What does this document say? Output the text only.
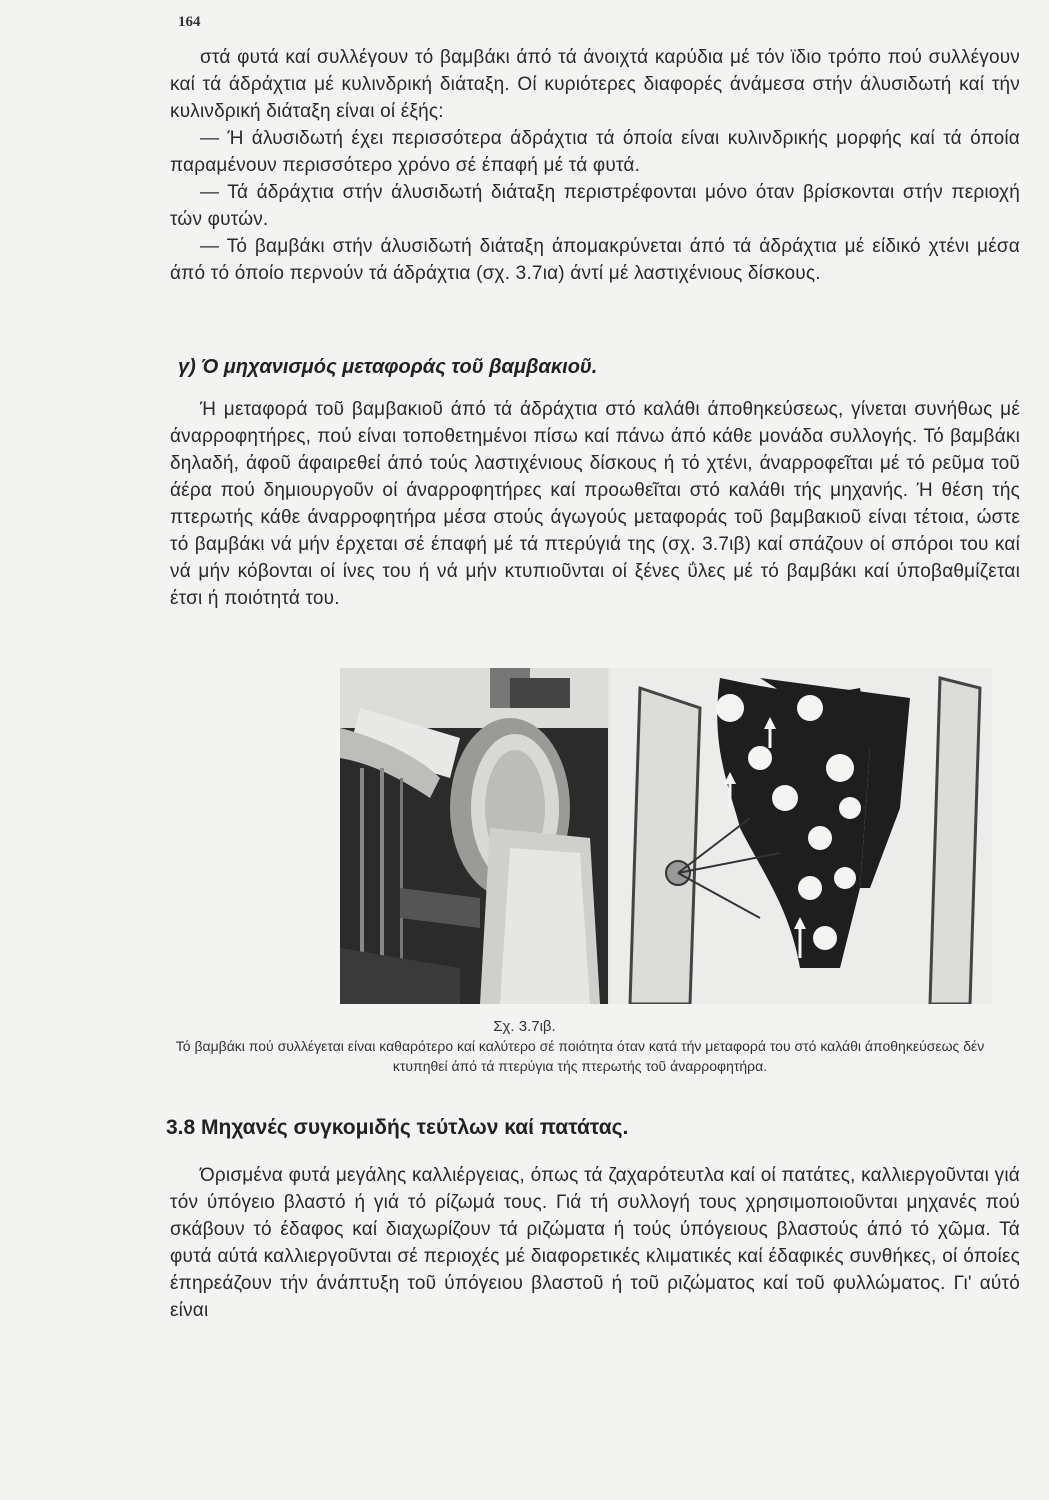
164

στά φυτά καί συλλέγουν τό βαμβάκι άπό τά άνοιχτά καρύδια μέ τόν ϊδιο τρόπο πού συλλέγουν καί τά άδράχτια μέ κυλινδρική διάταξη. Οί κυριότερες διαφορές άνάμεσα στήν άλυσιδωτή καί τήν κυλινδρική διάταξη είναι οί έξής:

— Ή άλυσιδωτή έχει περισσότερα άδράχτια τά όποία είναι κυλινδρικής μορφής καί τά όποία παραμένουν περισσότερο χρόνο σέ έπαφή μέ τά φυτά.

— Τά άδράχτια στήν άλυσιδωτή διάταξη περιστρέφονται μόνο όταν βρίσκονται στήν περιοχή τών φυτών.

— Τό βαμβάκι στήν άλυσιδωτή διάταξη άπομακρύνεται άπό τά άδράχτια μέ είδικό χτένι μέσα άπό τό όποίο περνούν τά άδράχτια (σχ. 3.7ια) άντί μέ λαστιχένιους δίσκους.

γ) Ό μηχανισμός μεταφοράς τοῦ βαμβακιοῦ.

Ή μεταφορά τοῦ βαμβακιοῦ άπό τά άδράχτια στό καλάθι άποθηκεύσεως, γίνεται συνήθως μέ άναρροφητήρες, πού είναι τοποθετημένοι πίσω καί πάνω άπό κάθε μονάδα συλλογής. Τό βαμβάκι δηλαδή, άφοῦ άφαιρεθεί άπό τούς λαστιχένιους δίσκους ή τό χτένι, άναρροφεῖται μέ τό ρεῦμα τοῦ άέρα πού δημιουργοῦν οί άναρροφητήρες καί προωθεῖται στό καλάθι τής μηχανής. Ή θέση τής πτερωτής κάθε άναρροφητήρα μέσα στούς άγωγούς μεταφοράς τοῦ βαμβακιοῦ είναι τέτοια, ώστε τό βαμβάκι νά μήν έρχεται σέ έπαφή μέ τά πτερύγιά της (σχ. 3.7ιβ) καί σπάζουν οί σπόροι του καί νά μήν κόβονται οί ίνες του ή νά μήν κτυπιοῦνται οί ξένες ΰλες μέ τό βαμβάκι καί ύποβαθμίζεται έτσι ή ποιότητά του.

Σχ. 3.7ιβ.
Τό βαμβάκι πού συλλέγεται είναι καθαρότερο καί καλύτερο σέ ποιότητα όταν κατά τήν μεταφορά του στό καλάθι άποθηκεύσεως δέν κτυπηθεί άπό τά πτερύγια τής πτερωτής τοῦ άναρροφητήρα.
3.8 Μηχανές συγκομιδής τεύτλων καί πατάτας.

Όρισμένα φυτά μεγάλης καλλιέργειας, όπως τά ζαχαρότευτλα καί οί πατάτες, καλλιεργοῦνται γιά τόν ύπόγειο βλαστό ή γιά τό ρίζωμά τους. Γιά τή συλλογή τους χρησιμοποιοῦνται μηχανές πού σκάβουν τό έδαφος καί διαχωρίζουν τά ριζώματα ή τούς ύπόγειους βλαστούς άπό τό χῶμα. Τά φυτά αύτά καλλιεργοῦνται σέ περιοχές μέ διαφορετικές κλιματικές καί έδαφικές συνθήκες, οί όποίες έπηρεάζουν τήν άνάπτυξη τοῦ ύπόγειου βλαστοῦ ή τοῦ ριζώματος καί τοῦ φυλλώματος. Γι' αύτό είναι
